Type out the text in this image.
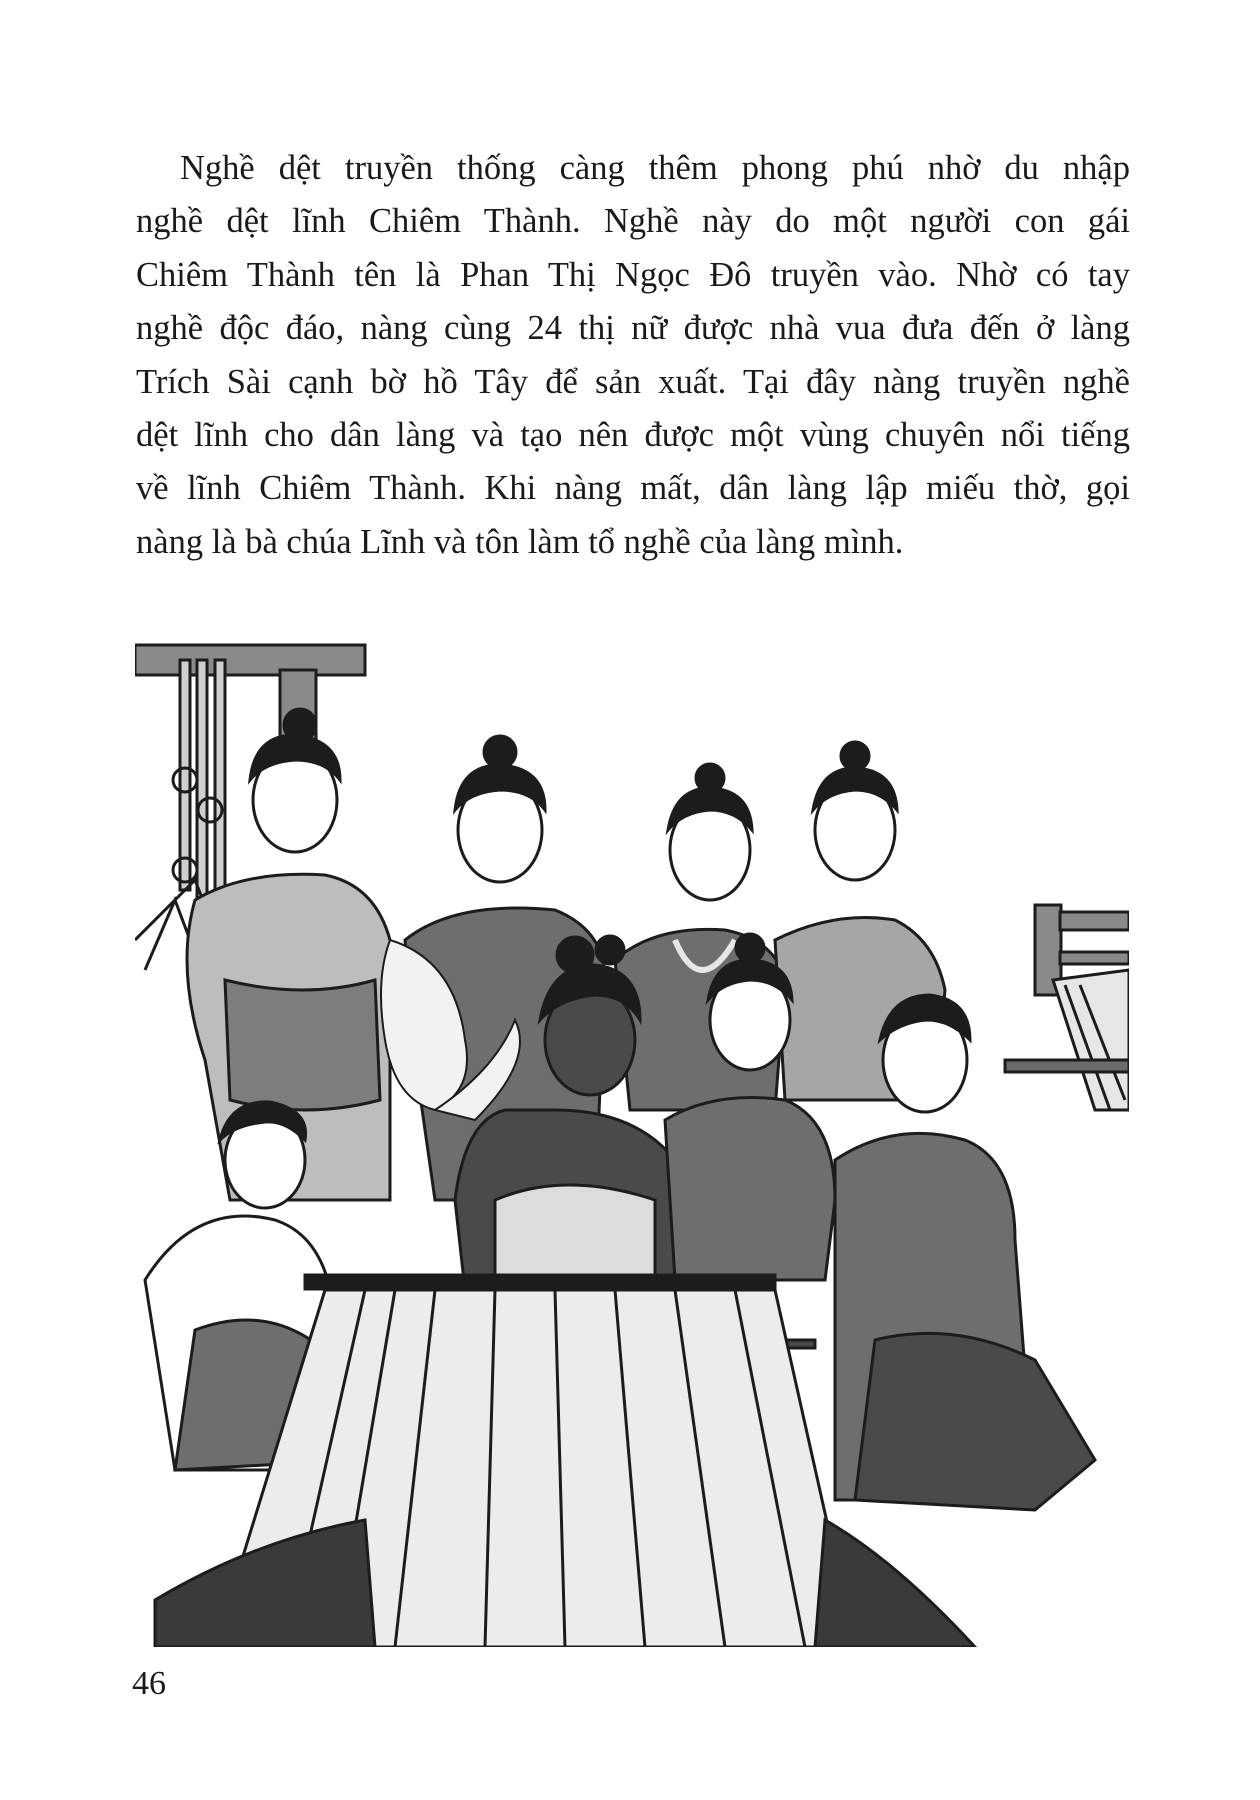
Nghề dệt truyền thống càng thêm phong phú nhờ du nhập
nghề dệt lĩnh Chiêm Thành. Nghề này do một người con gái
Chiêm Thành tên là Phan Thị Ngọc Đô truyền vào. Nhờ có tay
nghề độc đáo, nàng cùng 24 thị nữ được nhà vua đưa đến ở làng
Trích Sài cạnh bờ hồ Tây để sản xuất. Tại đây nàng truyền nghề
dệt lĩnh cho dân làng và tạo nên được một vùng chuyên nổi tiếng
về lĩnh Chiêm Thành. Khi nàng mất, dân làng lập miếu thờ, gọi
nàng là bà chúa Lĩnh và tôn làm tổ nghề của làng mình.

46
